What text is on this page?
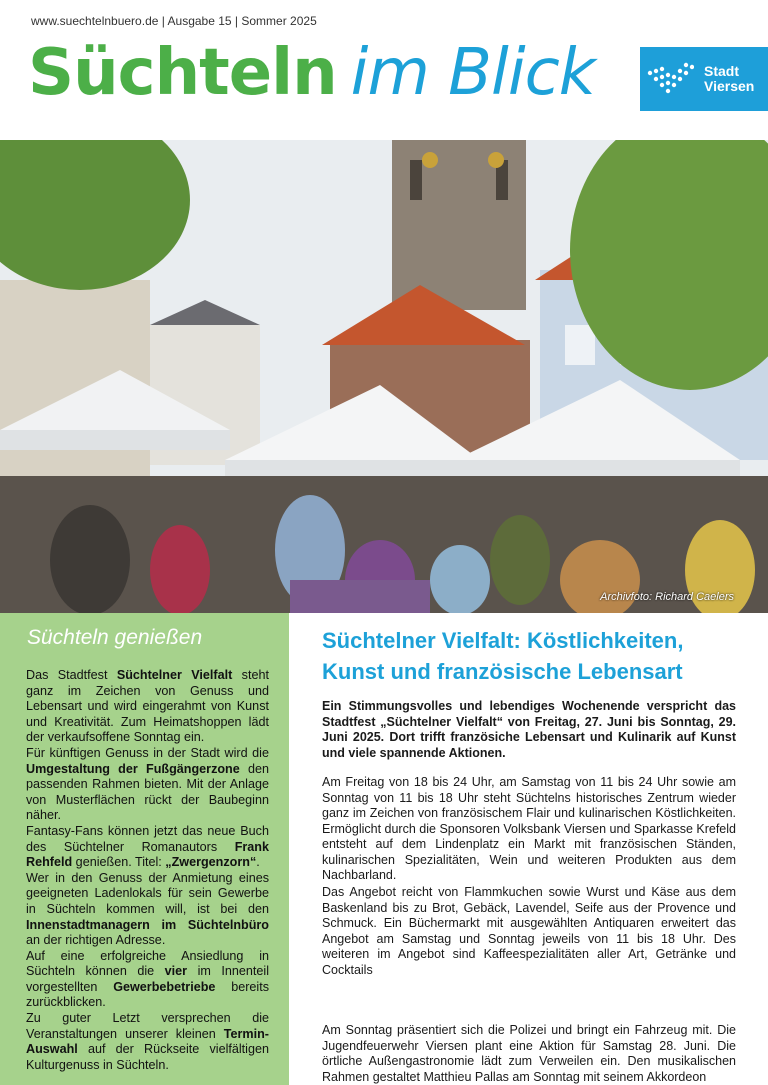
www.suechtelnbuero.de | Ausgabe 15 | Sommer 2025
Süchteln im Blick	Stadt
Viersen
Archivfoto: Richard Caelers
Süchteln genießen

Das Stadtfest Süchtelner Vielfalt steht ganz im Zeichen von Genuss und Lebensart und wird eingerahmt von Kunst und Kreativität. Zum Heimatshoppen lädt der verkaufsoffene Sonntag ein.

Für künftigen Genuss in der Stadt wird die Umgestaltung der Fußgängerzone den passenden Rahmen bieten. Mit der Anlage von Musterflächen rückt der Baubeginn näher.

Fantasy-Fans können jetzt das neue Buch des Süchtelner Romanautors Frank Rehfeld genießen. Titel: „Zwergenzorn“.

Wer in den Genuss der Anmietung eines geeigneten Ladenlokals für sein Gewerbe in Süchteln kommen will, ist bei den Innenstadtmanagern im Süchtelnbüro an der richtigen Adresse.

Auf eine erfolgreiche Ansiedlung in Süchteln können die vier im Innenteil vorgestellten Gewerbebetriebe bereits zurückblicken.

Zu guter Letzt versprechen die Veranstaltungen unserer kleinen Termin-Auswahl auf der Rückseite vielfältigen Kulturgenuss in Süchteln.

Süchtelner Vielfalt: Köstlichkeiten, Kunst und französische Lebensart
Ein Stimmungsvolles und lebendiges Wochenende verspricht das Stadtfest „Süchtelner Vielfalt“ von Freitag, 27. Juni bis Sonntag, 29. Juni 2025. Dort trifft französiche Lebensart und Kulinarik auf Kunst und viele spannende Aktionen.
Am Freitag von 18 bis 24 Uhr, am Samstag von 11 bis 24 Uhr sowie am Sonntag von 11 bis 18 Uhr steht Süchtelns historisches Zentrum wieder ganz im Zeichen von französischem Flair und kulinarischen Köstlichkeiten. Ermöglicht durch die Sponsoren Volksbank Viersen und Sparkasse Krefeld entsteht auf dem Lindenplatz ein Markt mit französischen Ständen, kulinarischen Spezialitäten, Wein und weiteren Produkten aus dem Nachbarland.
Das Angebot reicht von Flammkuchen sowie Wurst und Käse aus dem Baskenland bis zu Brot, Gebäck, Lavendel, Seife aus der Provence und Schmuck. Ein Büchermarkt mit ausgewählten Antiquaren erweitert das Angebot am Samstag und Sonntag jeweils von 11 bis 18 Uhr. Des weiteren im Angebot sind Kaffeespezialitäten aller Art, Getränke und Cocktails
Am Sonntag präsentiert sich die Polizei und bringt ein Fahrzeug mit. Die Jugendfeuerwehr Viersen plant eine Aktion für Samstag 28. Juni. Die örtliche Außengastronomie lädt zum Verweilen ein. Den musikalischen Rahmen gestaltet Matthieu Pallas am Sonntag mit seinem Akkordeon
